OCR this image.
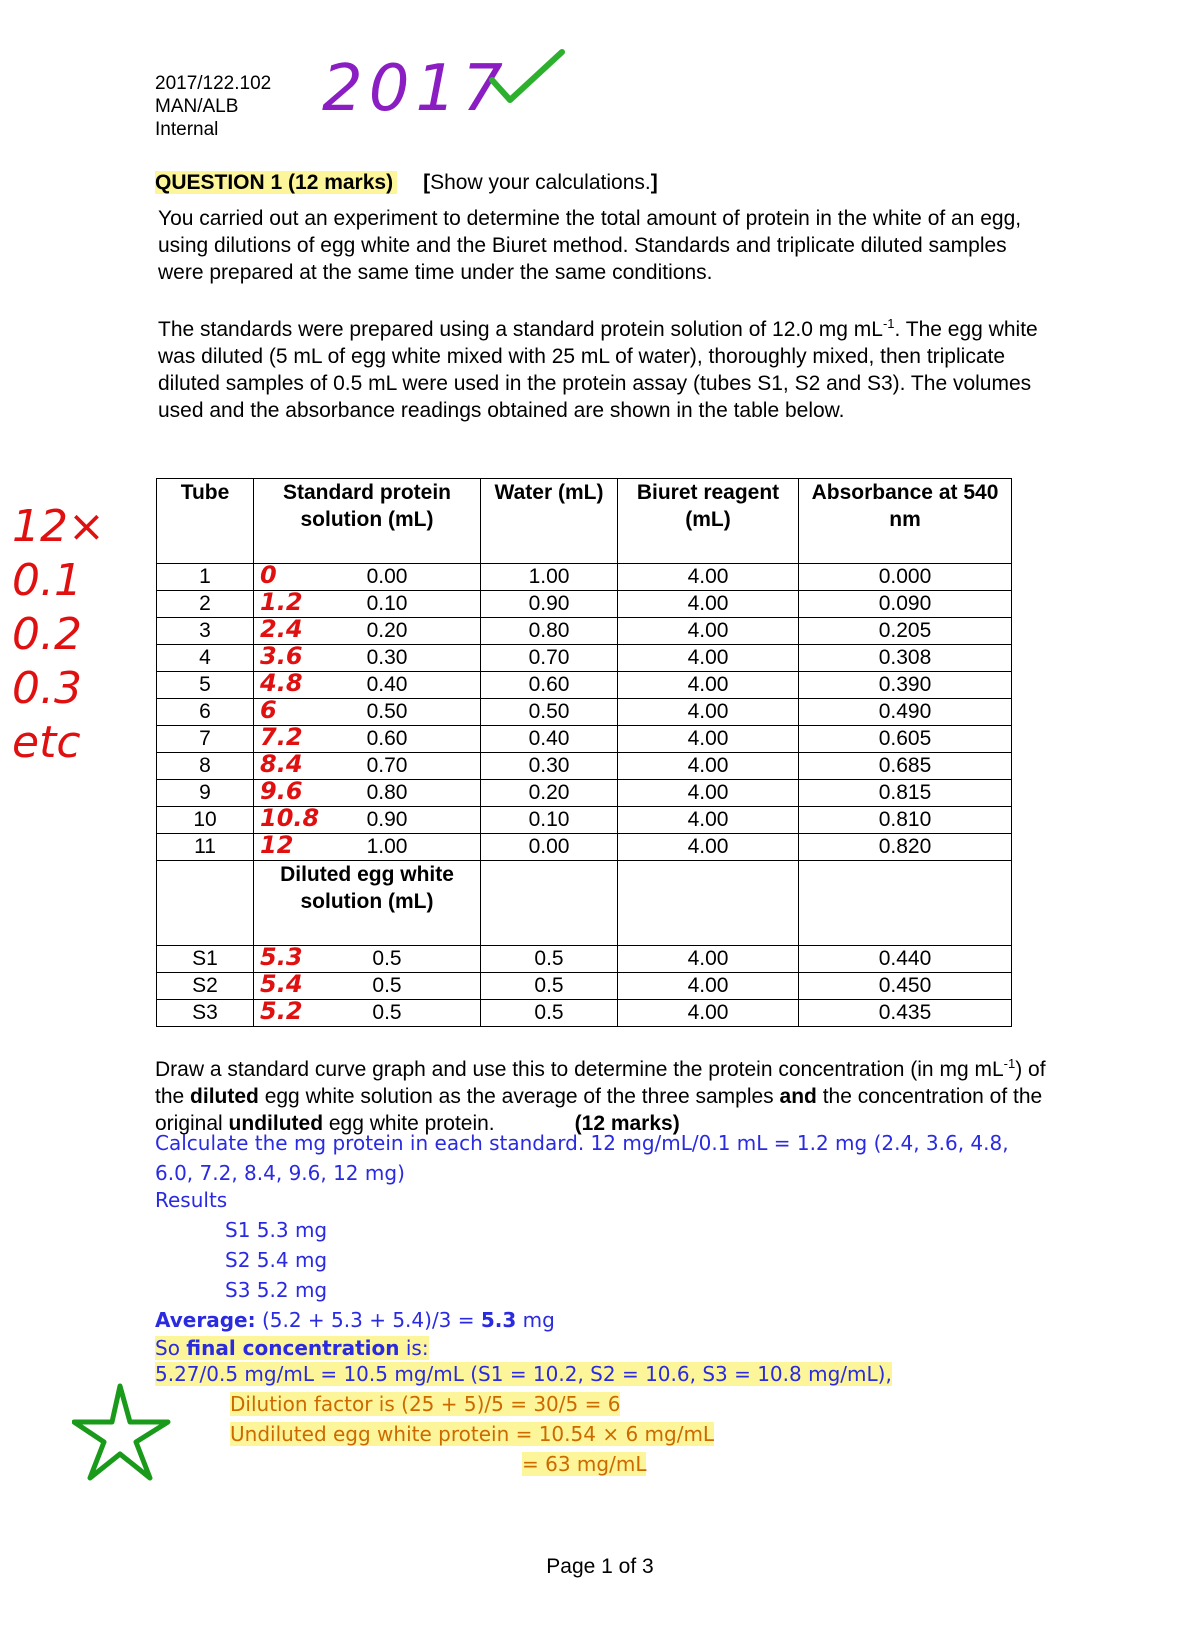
2017/122.102
MAN/ALB
Internal
2017
QUESTION 1 (12 marks) [Show your calculations.]
You carried out an experiment to determine the total amount of protein in the white of an egg, using dilutions of egg white and the Biuret method. Standards and triplicate diluted samples were prepared at the same time under the same conditions.
The standards were prepared using a standard protein solution of 12.0 mg $mL^{-1}$. The egg white was diluted (5 mL of egg white mixed with 25 mL of water), thoroughly mixed, then triplicate diluted samples of 0.5 mL were used in the protein assay (tubes S1, S2 and S3). The volumes used and the absorbance readings obtained are shown in the table below.
12×
0.1
0.2
0.3
etc
Tube	Standard protein solution (mL)	Water (mL)	Biuret reagent (mL)	Absorbance at 540 nm
1	0 0.00	1.00	4.00	0.000
2	1.2 0.10	0.90	4.00	0.090
3	2.4 0.20	0.80	4.00	0.205
4	3.6 0.30	0.70	4.00	0.308
5	4.8 0.40	0.60	4.00	0.390
6	6 0.50	0.50	4.00	0.490
7	7.2 0.60	0.40	4.00	0.605
8	8.4 0.70	0.30	4.00	0.685
9	9.6 0.80	0.20	4.00	0.815
10	10.8 0.90	0.10	4.00	0.810
11	12 1.00	0.00	4.00	0.820
	Diluted egg white solution (mL)			
S1	5.3 0.5	0.5	4.00	0.440
S2	5.4 0.5	0.5	4.00	0.450
S3	5.2 0.5	0.5	4.00	0.435
Draw a standard curve graph and use this to determine the protein concentration (in mg $mL^{-1}$) of the diluted egg white solution as the average of the three samples and the concentration of the original undiluted egg white protein.	(12 marks)
Calculate the mg protein in each standard. 12 mg/mL/0.1 mL = 1.2 mg (2.4, 3.6, 4.8, 6.0, 7.2, 8.4, 9.6, 12 mg)
Results
S1 5.3 mg
S2 5.4 mg
S3 5.2 mg
Average: (5.2 + 5.3 + 5.4)/3 = 5.3 mg
So final concentration is:
5.27/0.5 mg/mL = 10.5 mg/mL (S1 = 10.2, S2 = 10.6, S3 = 10.8 mg/mL),
Dilution factor is (25 + 5)/5 = 30/5 = 6
Undiluted egg white protein = 10.54 × 6 mg/mL
= 63 mg/mL
Page 1 of 3
